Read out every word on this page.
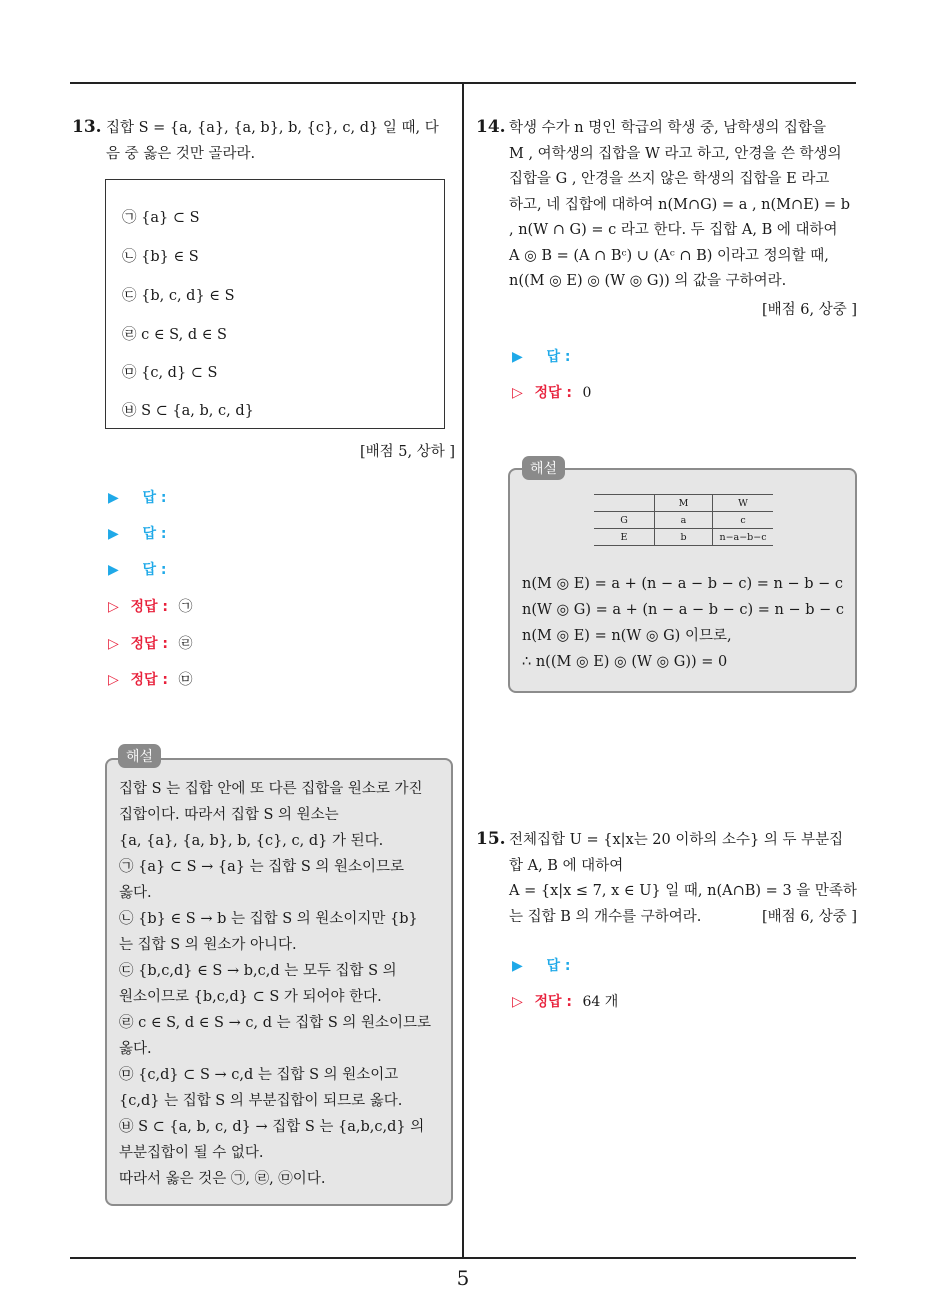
5
13. 집합 S = {a, {a}, {a, b}, b, {c}, c, d} 일 때, 다
음 중 옳은 것만 골라라.
㉠ {a} ⊂ S
㉡ {b} ∈ S
㉢ {b, c, d} ∈ S
㉣ c ∈ S, d ∈ S
㉤ {c, d} ⊂ S
㉥ S ⊂ {a, b, c, d}
[배점 5, 상하 ]
▶ 답 :
▶ 답 :
▶ 답 :
▷ 정답 : ㉠
▷ 정답 : ㉣
▷ 정답 : ㉤
집합 S 는 집합 안에 또 다른 집합을 원소로 가진
집합이다. 따라서 집합 S 의 원소는
{a, {a}, {a, b}, b, {c}, c, d} 가 된다.
㉠ {a} ⊂ S → {a} 는 집합 S 의 원소이므로
옳다.
㉡ {b} ∈ S → b 는 집합 S 의 원소이지만 {b}
는 집합 S 의 원소가 아니다.
㉢ {b,c,d} ∈ S → b,c,d 는 모두 집합 S 의
원소이므로 {b,c,d} ⊂ S 가 되어야 한다.
㉣ c ∈ S, d ∈ S → c, d 는 집합 S 의 원소이므로
옳다.
㉤ {c,d} ⊂ S → c,d 는 집합 S 의 원소이고
{c,d} 는 집합 S 의 부분집합이 되므로 옳다.
㉥ S ⊂ {a, b, c, d} → 집합 S 는 {a,b,c,d} 의
부분집합이 될 수 없다.
따라서 옳은 것은 ㉠, ㉣, ㉤이다.
해설
14. 학생 수가 n 명인 학급의 학생 중, 남학생의 집합을
M , 여학생의 집합을 W 라고 하고, 안경을 쓴 학생의
집합을 G , 안경을 쓰지 않은 학생의 집합을 E 라고
하고, 네 집합에 대하여 n(M∩G) = a , n(M∩E) = b
, n(W ∩ G) = c 라고 한다. 두 집합 A, B 에 대하여
A ◎ B = (A ∩ Bᶜ) ∪ (Aᶜ ∩ B) 이라고 정의할 때,
n((M ◎ E) ◎ (W ◎ G)) 의 값을 구하여라.
[배점 6, 상중 ]
▶ 답 :
▷ 정답 : 0
	M	W
G	a	c
E	b	n−a−b−c
n(M ◎ E) = a + (n − a − b − c) = n − b − c
n(W ◎ G) = a + (n − a − b − c) = n − b − c
n(M ◎ E) = n(W ◎ G) 이므로,
∴ n((M ◎ E) ◎ (W ◎ G)) = 0
해설
15. 전체집합 U = {x|x는 20 이하의 소수} 의 두 부분집
합 A, B 에 대하여
A = {x|x ≤ 7, x ∈ U} 일 때, n(A∩B) = 3 을 만족하
는 집합 B 의 개수를 구하여라.	[배점 6, 상중 ]
▶ 답 :
▷ 정답 : 64 개
